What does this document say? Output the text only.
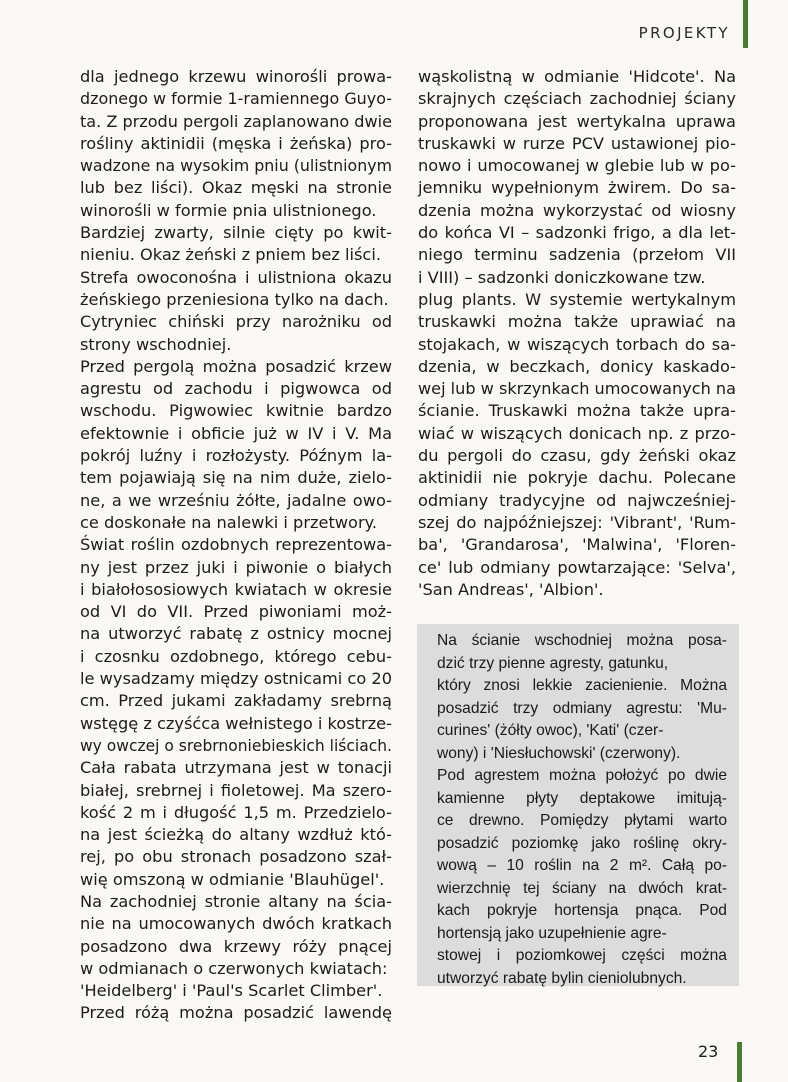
PROJEKTY
dla jednego krzewu winorośli prowa-
dzonego w formie 1-ramiennego Guyo-
ta. Z przodu pergoli zaplanowano dwie
rośliny aktinidii (męska i żeńska) pro-
wadzone na wysokim pniu (ulistnionym
lub bez liści). Okaz męski na stronie
winorośli w formie pnia ulistnionego.
Bardziej zwarty, silnie cięty po kwit-
nieniu. Okaz żeński z pniem bez liści.
Strefa owoconośna i ulistniona okazu
żeńskiego przeniesiona tylko na dach.
Cytryniec chiński przy narożniku od
strony wschodniej.
Przed pergolą można posadzić krzew
agrestu od zachodu i pigwowca od
wschodu. Pigwowiec kwitnie bardzo
efektownie i obficie już w IV i V. Ma
pokrój luźny i rozłożysty. Późnym la-
tem pojawiają się na nim duże, zielo-
ne, a we wrześniu żółte, jadalne owo-
ce doskonałe na nalewki i przetwory.
Świat roślin ozdobnych reprezentowa-
ny jest przez juki i piwonie o białych
i białołososiowych kwiatach w okresie
od VI do VII. Przed piwoniami moż-
na utworzyć rabatę z ostnicy mocnej
i czosnku ozdobnego, którego cebu-
le wysadzamy między ostnicami co 20
cm. Przed jukami zakładamy srebrną
wstęgę z czyśćca wełnistego i kostrze-
wy owczej o srebrnoniebieskich liściach.
Cała rabata utrzymana jest w tonacji
białej, srebrnej i fioletowej. Ma szero-
kość 2 m i długość 1,5 m. Przedzielo-
na jest ścieżką do altany wzdłuż któ-
rej, po obu stronach posadzono szał-
wię omszoną w odmianie 'Blauhügel'.
Na zachodniej stronie altany na ścia-
nie na umocowanych dwóch kratkach
posadzono dwa krzewy róży pnącej
w odmianach o czerwonych kwiatach:
'Heidelberg' i 'Paul's Scarlet Climber'.
Przed różą można posadzić lawendę
wąskolistną w odmianie 'Hidcote'. Na
skrajnych częściach zachodniej ściany
proponowana jest wertykalna uprawa
truskawki w rurze PCV ustawionej pio-
nowo i umocowanej w glebie lub w po-
jemniku wypełnionym żwirem. Do sa-
dzenia można wykorzystać od wiosny
do końca VI – sadzonki frigo, a dla let-
niego terminu sadzenia (przełom VII
i VIII) – sadzonki doniczkowane tzw.
plug plants. W systemie wertykalnym
truskawki można także uprawiać na
stojakach, w wiszących torbach do sa-
dzenia, w beczkach, donicy kaskado-
wej lub w skrzynkach umocowanych na
ścianie. Truskawki można także upra-
wiać w wiszących donicach np. z przo-
du pergoli do czasu, gdy żeński okaz
aktinidii nie pokryje dachu. Polecane
odmiany tradycyjne od najwcześniej-
szej do najpóźniejszej: 'Vibrant', 'Rum-
ba', 'Grandarosa', 'Malwina', 'Floren-
ce' lub odmiany powtarzające: 'Selva',
'San Andreas', 'Albion'.
Na ścianie wschodniej można posa-
dzić trzy pienne agresty, gatunku,
który znosi lekkie zacienienie. Można
posadzić trzy odmiany agrestu: 'Mu-
curines' (żółty owoc), 'Kati' (czer-
wony) i 'Niesłuchowski' (czerwony).
Pod agrestem można położyć po dwie
kamienne płyty deptakowe imitują-
ce drewno. Pomiędzy płytami warto
posadzić poziomkę jako roślinę okry-
wową – 10 roślin na 2 m². Całą po-
wierzchnię tej ściany na dwóch krat-
kach pokryje hortensja pnąca. Pod
hortensją jako uzupełnienie agre-
stowej i poziomkowej części można
utworzyć rabatę bylin cieniolubnych.
23
